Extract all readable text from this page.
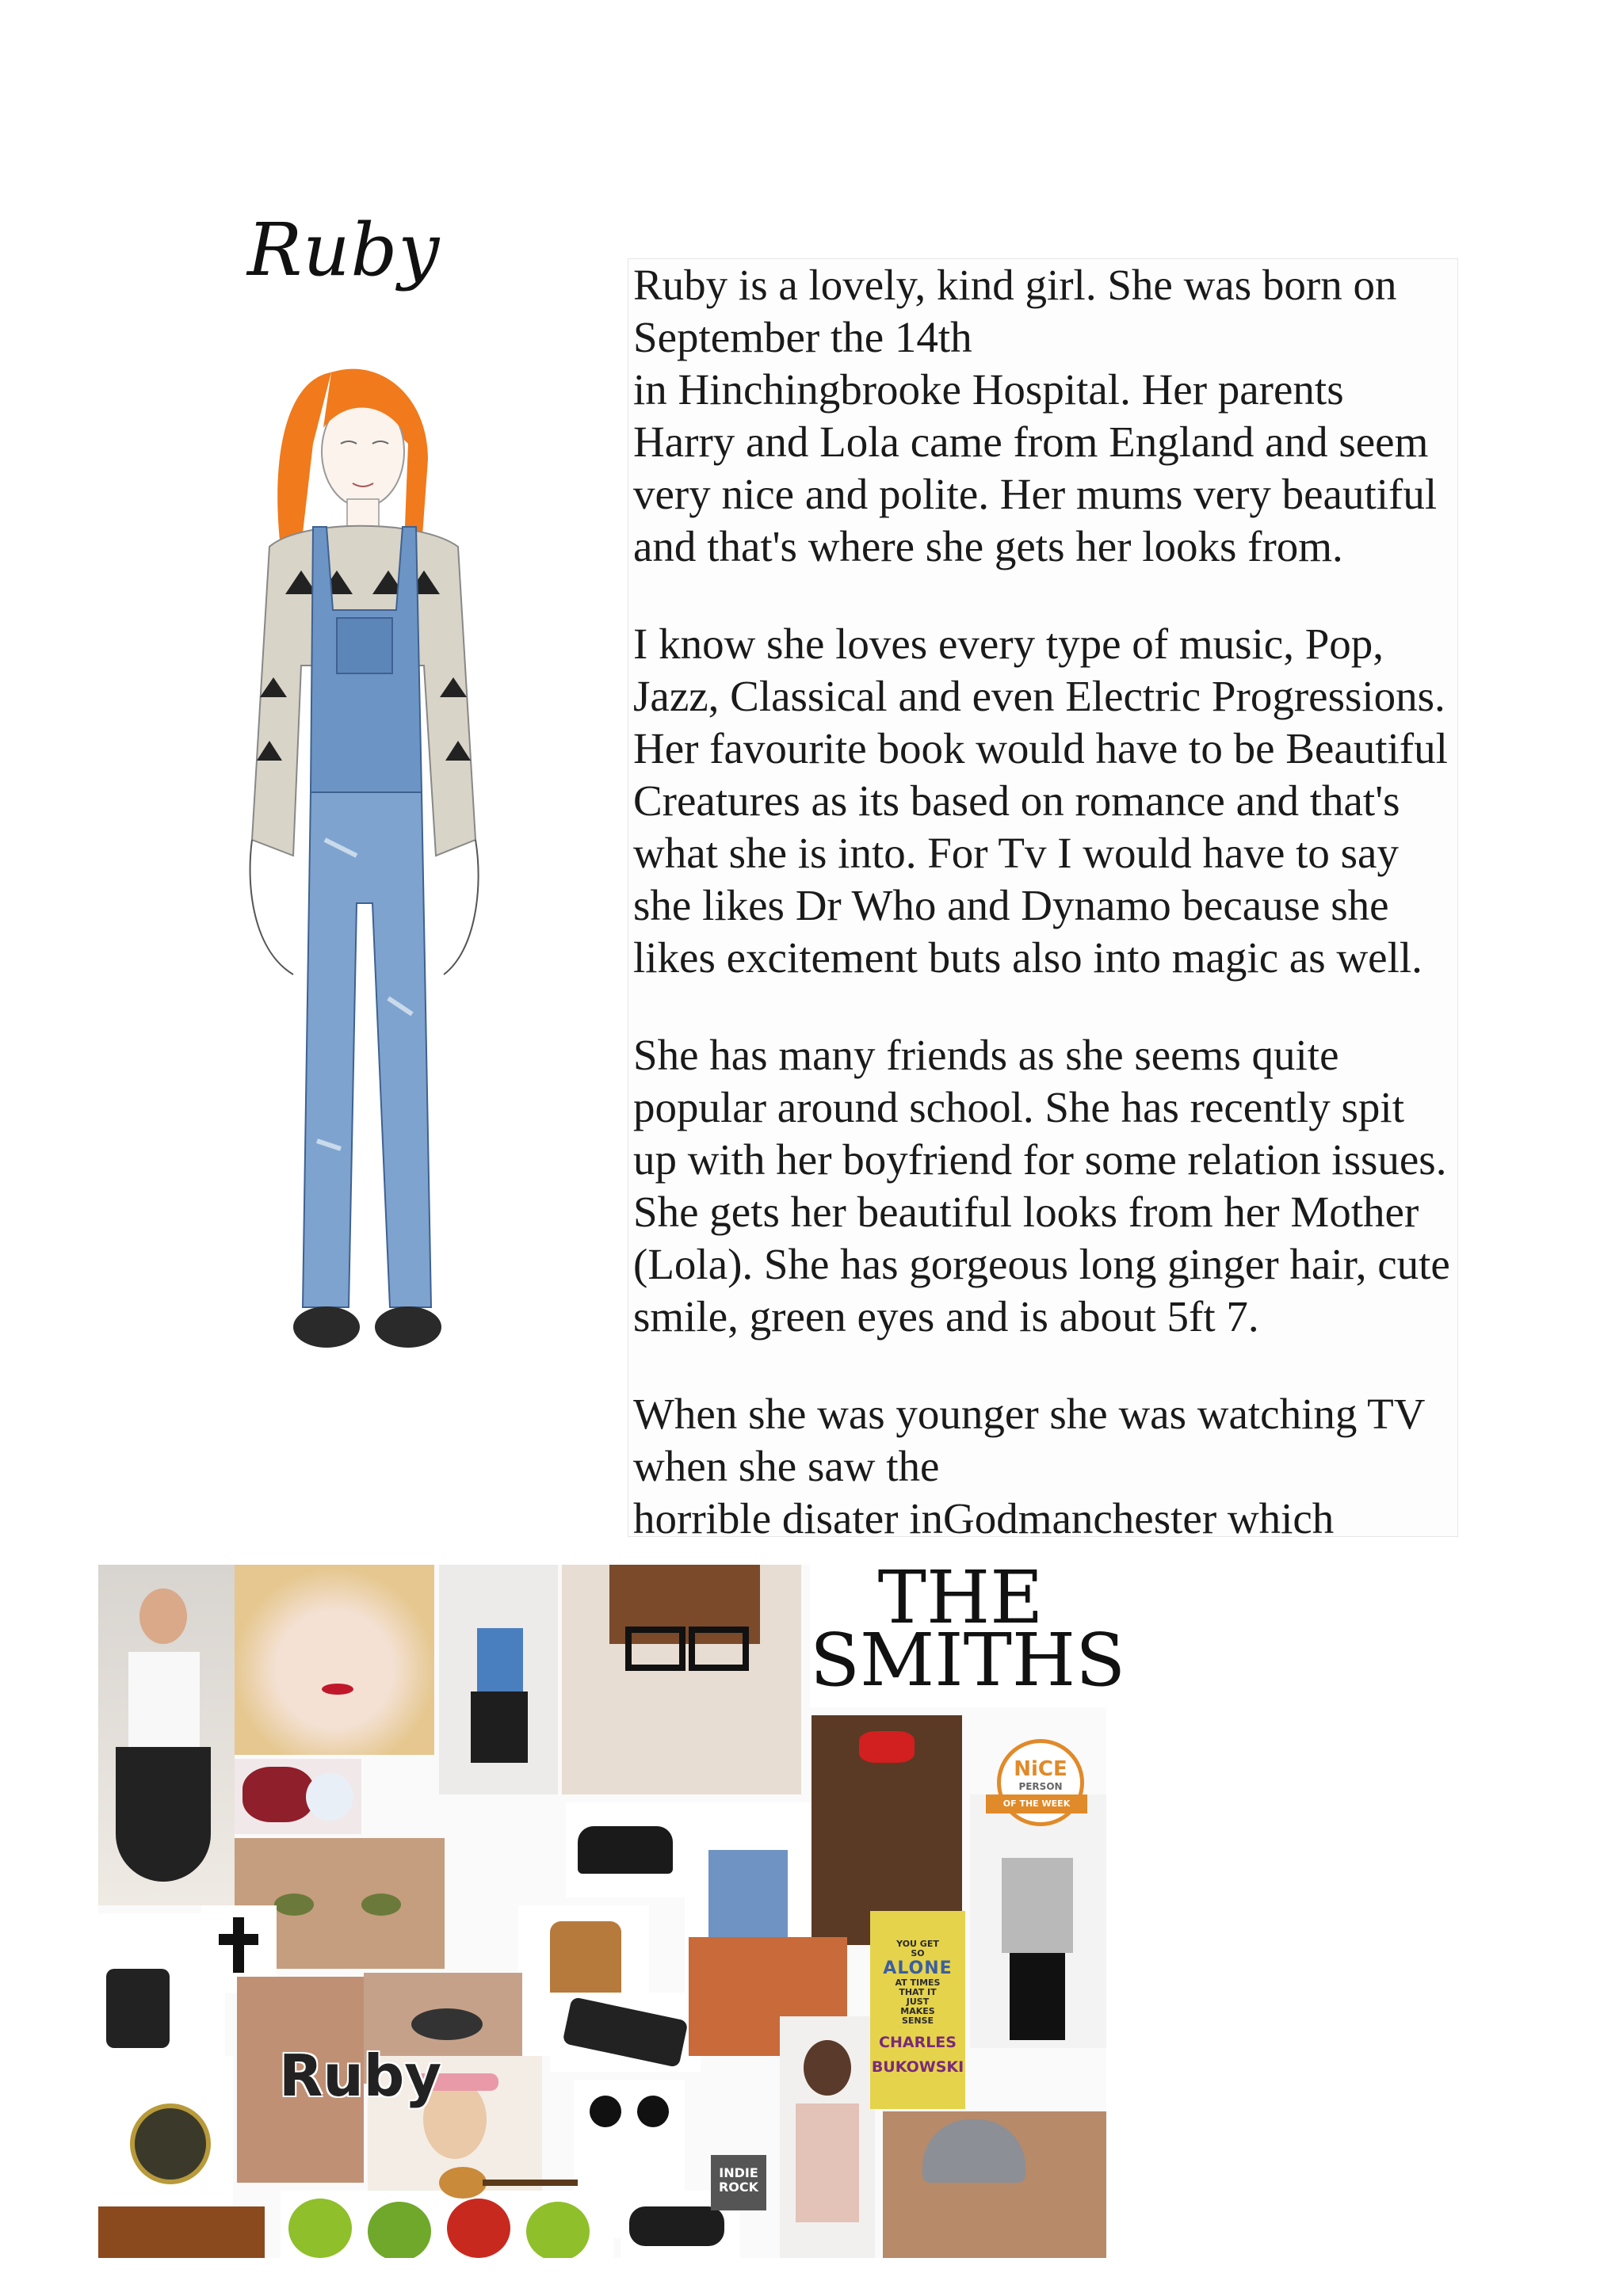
Ruby	Ruby is a lovely, kind girl. She was born on
September the 14th
in Hinchingbrooke Hospital. Her parents
Harry and Lola came from England and seem
very nice and polite. Her mums very beautiful
and that's where she gets her looks from.
I know she loves every type of music, Pop,
Jazz, Classical and even Electric Progressions.
Her favourite book would have to be Beautiful
Creatures as its based on romance and that's
what she is into. For Tv I would have to say
she likes Dr Who and Dynamo because she
likes excitement buts also into magic as well.
She has many friends as she seems quite
popular around school. She has recently spit
up with her boyfriend for some relation issues.
She gets her beautiful looks from her Mother
(Lola). She has gorgeous long ginger hair, cute
smile, green eyes and is about 5ft 7.
When she was younger she was watching TV
when she saw the
horrible disater inGodmanchester which
THE
SMITHS
NiCE
PERSON
OF THE WEEK
YOU GET
SO
ALONE
AT TIMES
THAT IT
JUST
MAKES
SENSE
CHARLES
BUKOWSKI
Ruby
INDIE
ROCK
